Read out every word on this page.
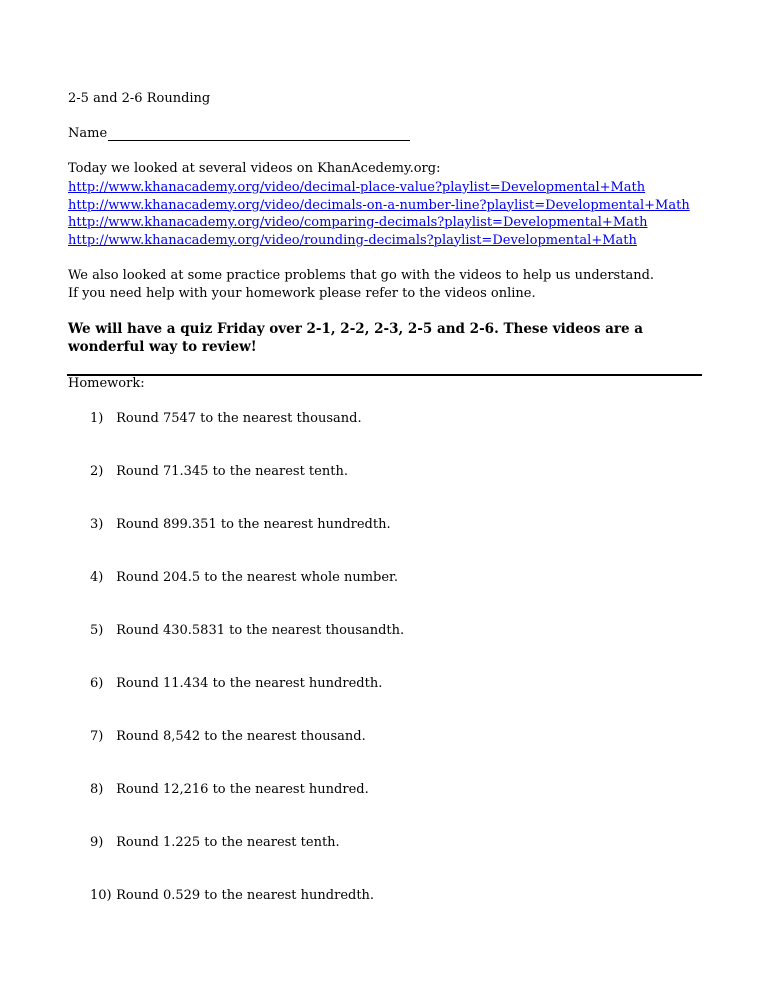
2-5 and 2-6 Rounding
Name
Today we looked at several videos on KhanAcedemy.org:
http://www.khanacademy.org/video/decimal-place-value?playlist=Developmental+Math
http://www.khanacademy.org/video/decimals-on-a-number-line?playlist=Developmental+Math
http://www.khanacademy.org/video/comparing-decimals?playlist=Developmental+Math
http://www.khanacademy.org/video/rounding-decimals?playlist=Developmental+Math
We also looked at some practice problems that go with the videos to help us understand.
If you need help with your homework please refer to the videos online.
We will have a quiz Friday over 2-1, 2-2, 2-3, 2-5 and 2-6. These videos are a wonderful way to review!
Homework:
1) Round 7547 to the nearest thousand.
2) Round 71.345 to the nearest tenth.
3) Round 899.351 to the nearest hundredth.
4) Round 204.5 to the nearest whole number.
5) Round 430.5831 to the nearest thousandth.
6) Round 11.434 to the nearest hundredth.
7) Round 8,542 to the nearest thousand.
8) Round 12,216 to the nearest hundred.
9) Round 1.225 to the nearest tenth.
10) Round 0.529 to the nearest hundredth.
